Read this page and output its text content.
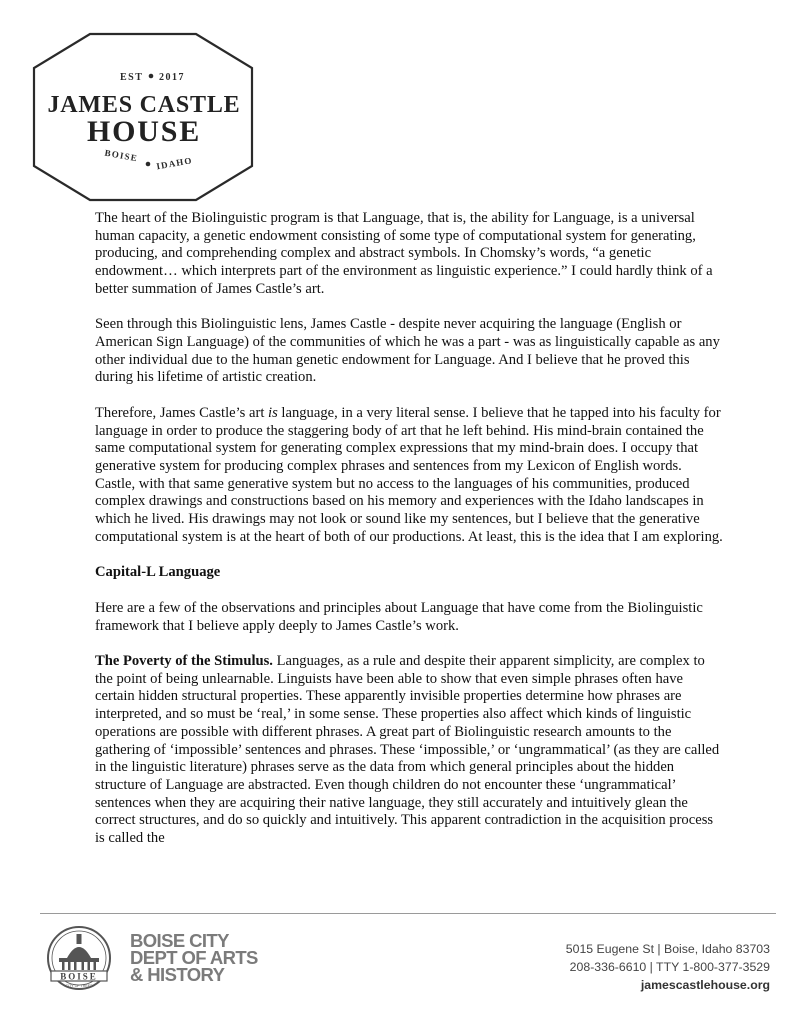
EST 2017
JAMES CASTLE
HOUSE
BOISE IDAHO

The heart of the Biolinguistic program is that Language, that is, the ability for Language, is a universal human capacity, a genetic endowment consisting of some type of computational system for generating, producing, and comprehending complex and abstract symbols. In Chomsky’s words, “a genetic endowment… which interprets part of the environment as linguistic experience.” I could hardly think of a better summation of James Castle’s art.

Seen through this Biolinguistic lens, James Castle - despite never acquiring the language (English or American Sign Language) of the communities of which he was a part - was as linguistically capable as any other individual due to the human genetic endowment for Language. And I believe that he proved this during his lifetime of artistic creation.

Therefore, James Castle’s art is language, in a very literal sense. I believe that he tapped into his faculty for language in order to produce the staggering body of art that he left behind. His mind-brain contained the same computational system for generating complex expressions that my mind-brain does. I occupy that generative system for producing complex phrases and sentences from my Lexicon of English words. Castle, with that same generative system but no access to the languages of his communities, produced complex drawings and constructions based on his memory and experiences with the Idaho landscapes in which he lived. His drawings may not look or sound like my sentences, but I believe that the generative computational system is at the heart of both of our productions. At least, this is the idea that I am exploring.

Capital-L Language

Here are a few of the observations and principles about Language that have come from the Biolinguistic framework that I believe apply deeply to James Castle’s work.

The Poverty of the Stimulus. Languages, as a rule and despite their apparent simplicity, are complex to the point of being unlearnable. Linguists have been able to show that even simple phrases often have certain hidden structural properties. These apparently invisible properties determine how phrases are interpreted, and so must be ‘real,’ in some sense. These properties also affect which kinds of linguistic operations are possible with different phrases. A great part of Biolinguistic research amounts to the gathering of ‘impossible’ sentences and phrases. These ‘impossible,’ or ‘ungrammatical’ (as they are called in the linguistic literature) phrases serve as the data from which general principles about the hidden structure of Language are abstracted. Even though children do not encounter these ‘ungrammatical’ sentences when they are acquiring their native language, they still accurately and intuitively glean the correct structures, and do so quickly and intuitively. This apparent contradiction in the acquisition process is called the

BOISE
CITY OF TREES
BOISE CITY
DEPT OF ARTS
& HISTORY
5015 Eugene St | Boise, Idaho 83703
208-336-6610 | TTY 1-800-377-3529
jamescastlehouse.org
